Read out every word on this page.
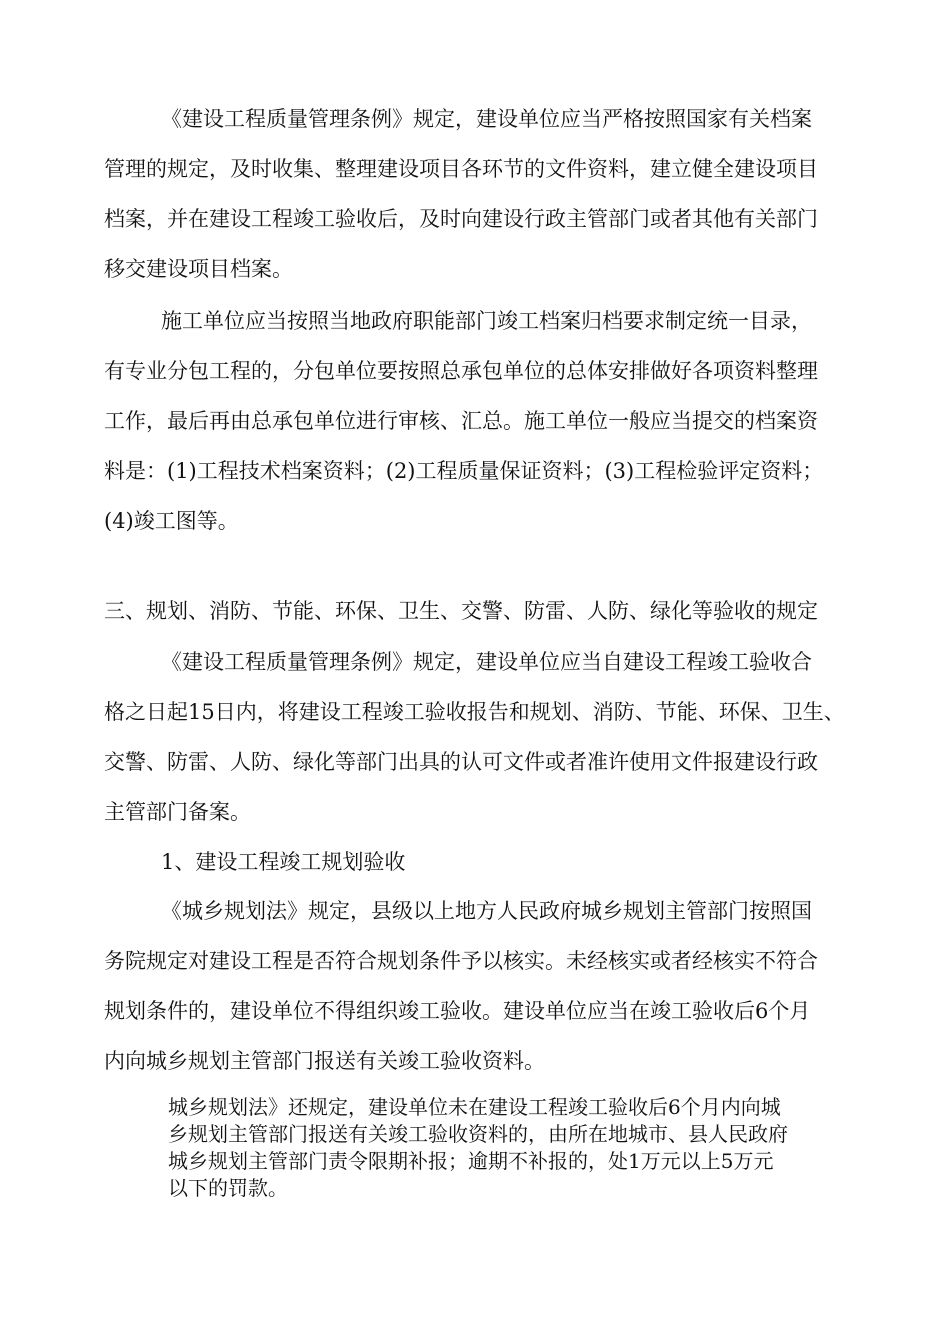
《建设工程质量管理条例》规定，建设单位应当严格按照国家有关档案
管理的规定，及时收集、整理建设项目各环节的文件资料，建立健全建设项目
档案，并在建设工程竣工验收后，及时向建设行政主管部门或者其他有关部门
移交建设项目档案。

施工单位应当按照当地政府职能部门竣工档案归档要求制定统一目录，
有专业分包工程的，分包单位要按照总承包单位的总体安排做好各项资料整理
工作，最后再由总承包单位进行审核、汇总。施工单位一般应当提交的档案资
料是：(1)工程技术档案资料；(2)工程质量保证资料；(3)工程检验评定资料；
(4)竣工图等。

三、规划、消防、节能、环保、卫生、交警、防雷、人防、绿化等验收的规定

《建设工程质量管理条例》规定，建设单位应当自建设工程竣工验收合
格之日起15日内，将建设工程竣工验收报告和规划、消防、节能、环保、卫生、
交警、防雷、人防、绿化等部门出具的认可文件或者准许使用文件报建设行政
主管部门备案。

1、建设工程竣工规划验收

《城乡规划法》规定，县级以上地方人民政府城乡规划主管部门按照国
务院规定对建设工程是否符合规划条件予以核实。未经核实或者经核实不符合
规划条件的，建设单位不得组织竣工验收。建设单位应当在竣工验收后6个月
内向城乡规划主管部门报送有关竣工验收资料。

城乡规划法》还规定，建设单位未在建设工程竣工验收后6个月内向城
乡规划主管部门报送有关竣工验收资料的，由所在地城市、县人民政府
城乡规划主管部门责令限期补报；逾期不补报的，处1万元以上5万元
以下的罚款。
